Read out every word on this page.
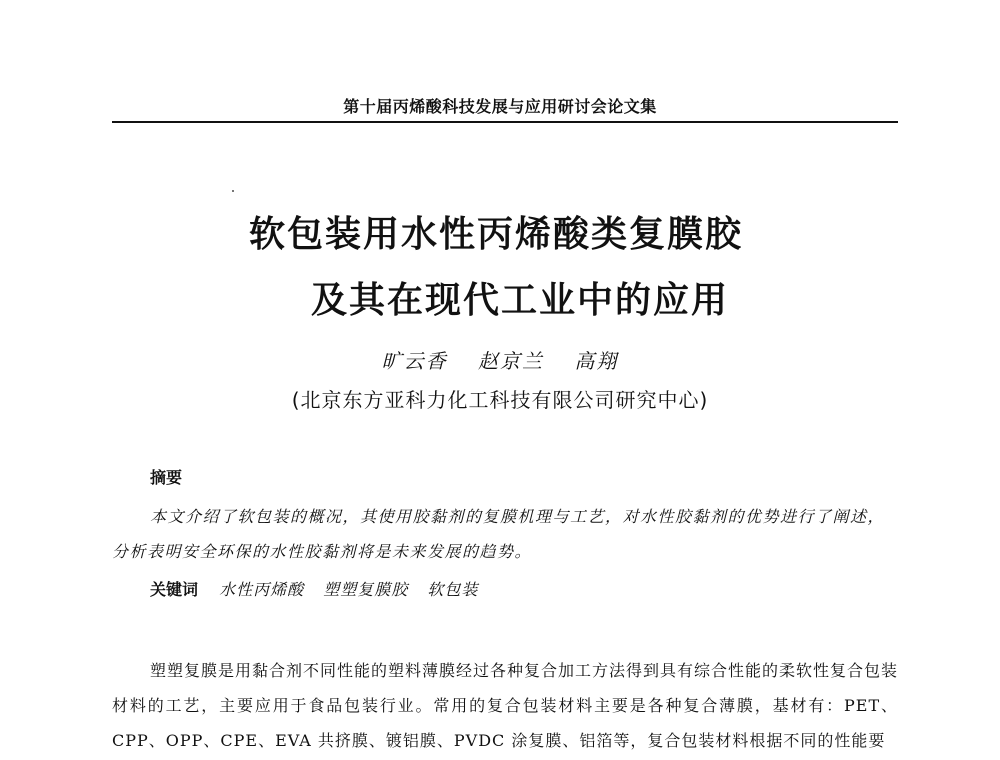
第十届丙烯酸科技发展与应用研讨会论文集
软包装用水性丙烯酸类复膜胶
及其在现代工业中的应用
旷云香 赵京兰 高翔
(北京东方亚科力化工科技有限公司研究中心)
摘要

本文介绍了软包装的概况，其使用胶黏剂的复膜机理与工艺，对水性胶黏剂的优势进行了阐述，分析表明安全环保的水性胶黏剂将是未来发展的趋势。

关键词 水性丙烯酸 塑塑复膜胶 软包装

塑塑复膜是用黏合剂不同性能的塑料薄膜经过各种复合加工方法得到具有综合性能的柔软性复合包装材料的工艺，主要应用于食品包装行业。常用的复合包装材料主要是各种复合薄膜，基材有：PET、CPP、OPP、CPE、EVA 共挤膜、镀铝膜、PVDC 涂复膜、铝箔等，复合包装材料根据不同的性能要
